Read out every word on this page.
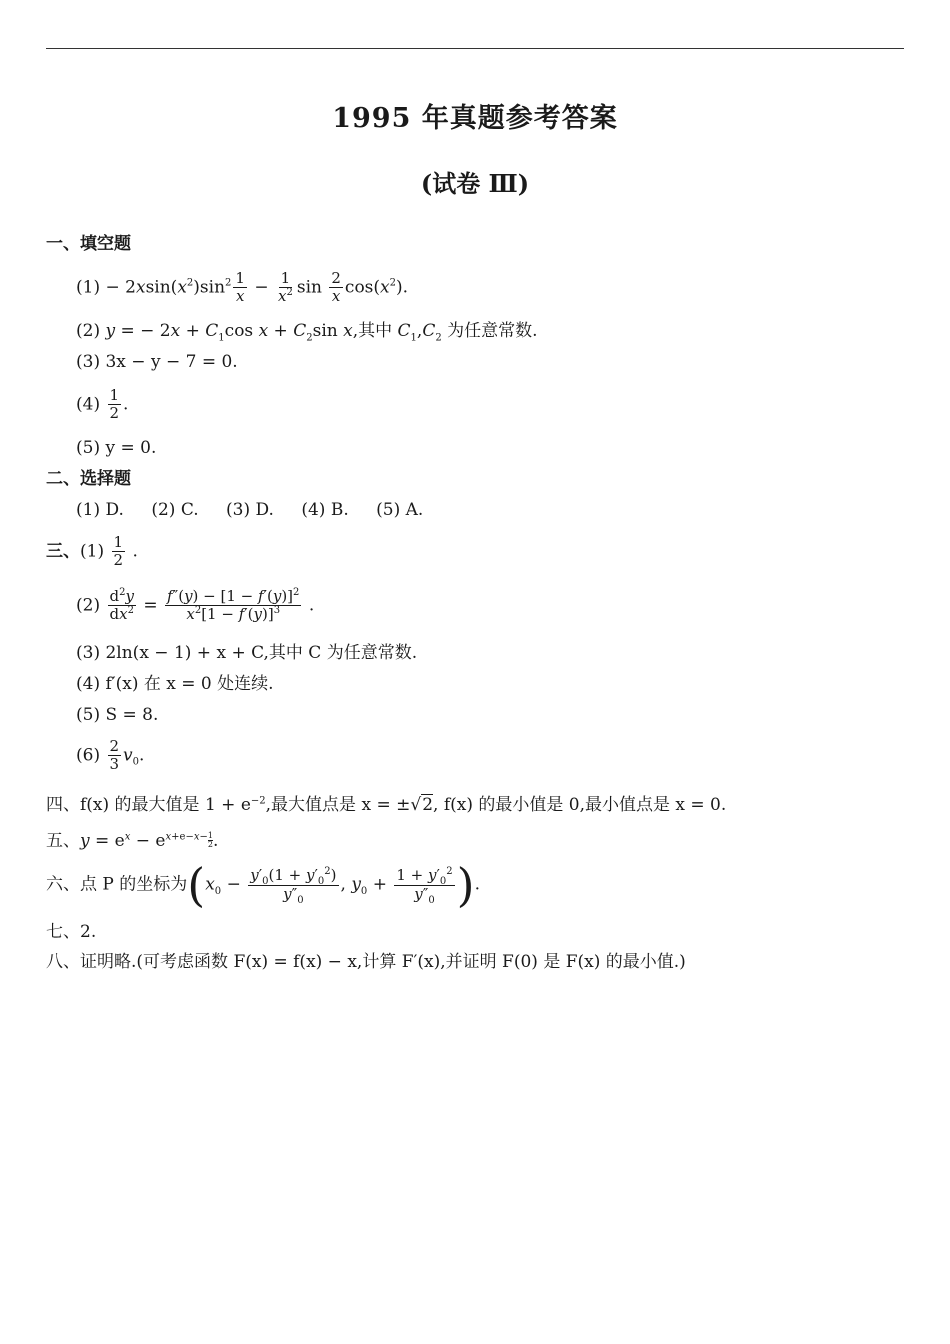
1995 年真题参考答案
(试卷 Ⅲ)
一、填空题
$(1) - 2xsin(x^2)\sin^2 \frac{1}{x} - \frac{1}{x^2}$ $\sin \frac{2}{x} \cos(x^2)$.
(2) y = − $2x + C_1\cos$ $x + C_2\sin$ x,其中 $C_1,C_2$ 为任意常数.
(3) 3x − y − 7 = 0.
$(4) \frac{1}{2}$ .
(5) y = 0.
二、选择题
(1) D. (2) C. (3) D. (4) B. (5) A.
三、$(1) \frac{1}{2}$ .
$(2) \frac{d^2y}{dx^2} = \frac{f''(y) - [1 - f'(y)]^2}{x^2[1 - f'(y)]^3}$ .
(3) 2ln(x − 1) + x + C,其中 C 为任意常数.
(4) f′(x) 在 x = 0 处连续.
(5) S = 8.
$(6) \frac{2}{3} v_0$.
四、f(x) 的最大值是 $1 + e^{-2}$,最大值点是 x = ±√2, f(x) 的最小值是 0,最小值点是 x = 0.
五、$y = e^x - e^{x+e-x-} \frac{1}{2}$ .
六、点 P 的坐标为($x_0 - \frac{y'_0(1 + y'_0^2)}{y''_0}$ , $y_0 + \frac{1 + y'_0^2}{y''_0}$ ).
七、2.
八、证明略.(可考虑函数 F(x) = f(x) − x,计算 F′(x),并证明 F(0) 是 F(x) 的最小值.)
